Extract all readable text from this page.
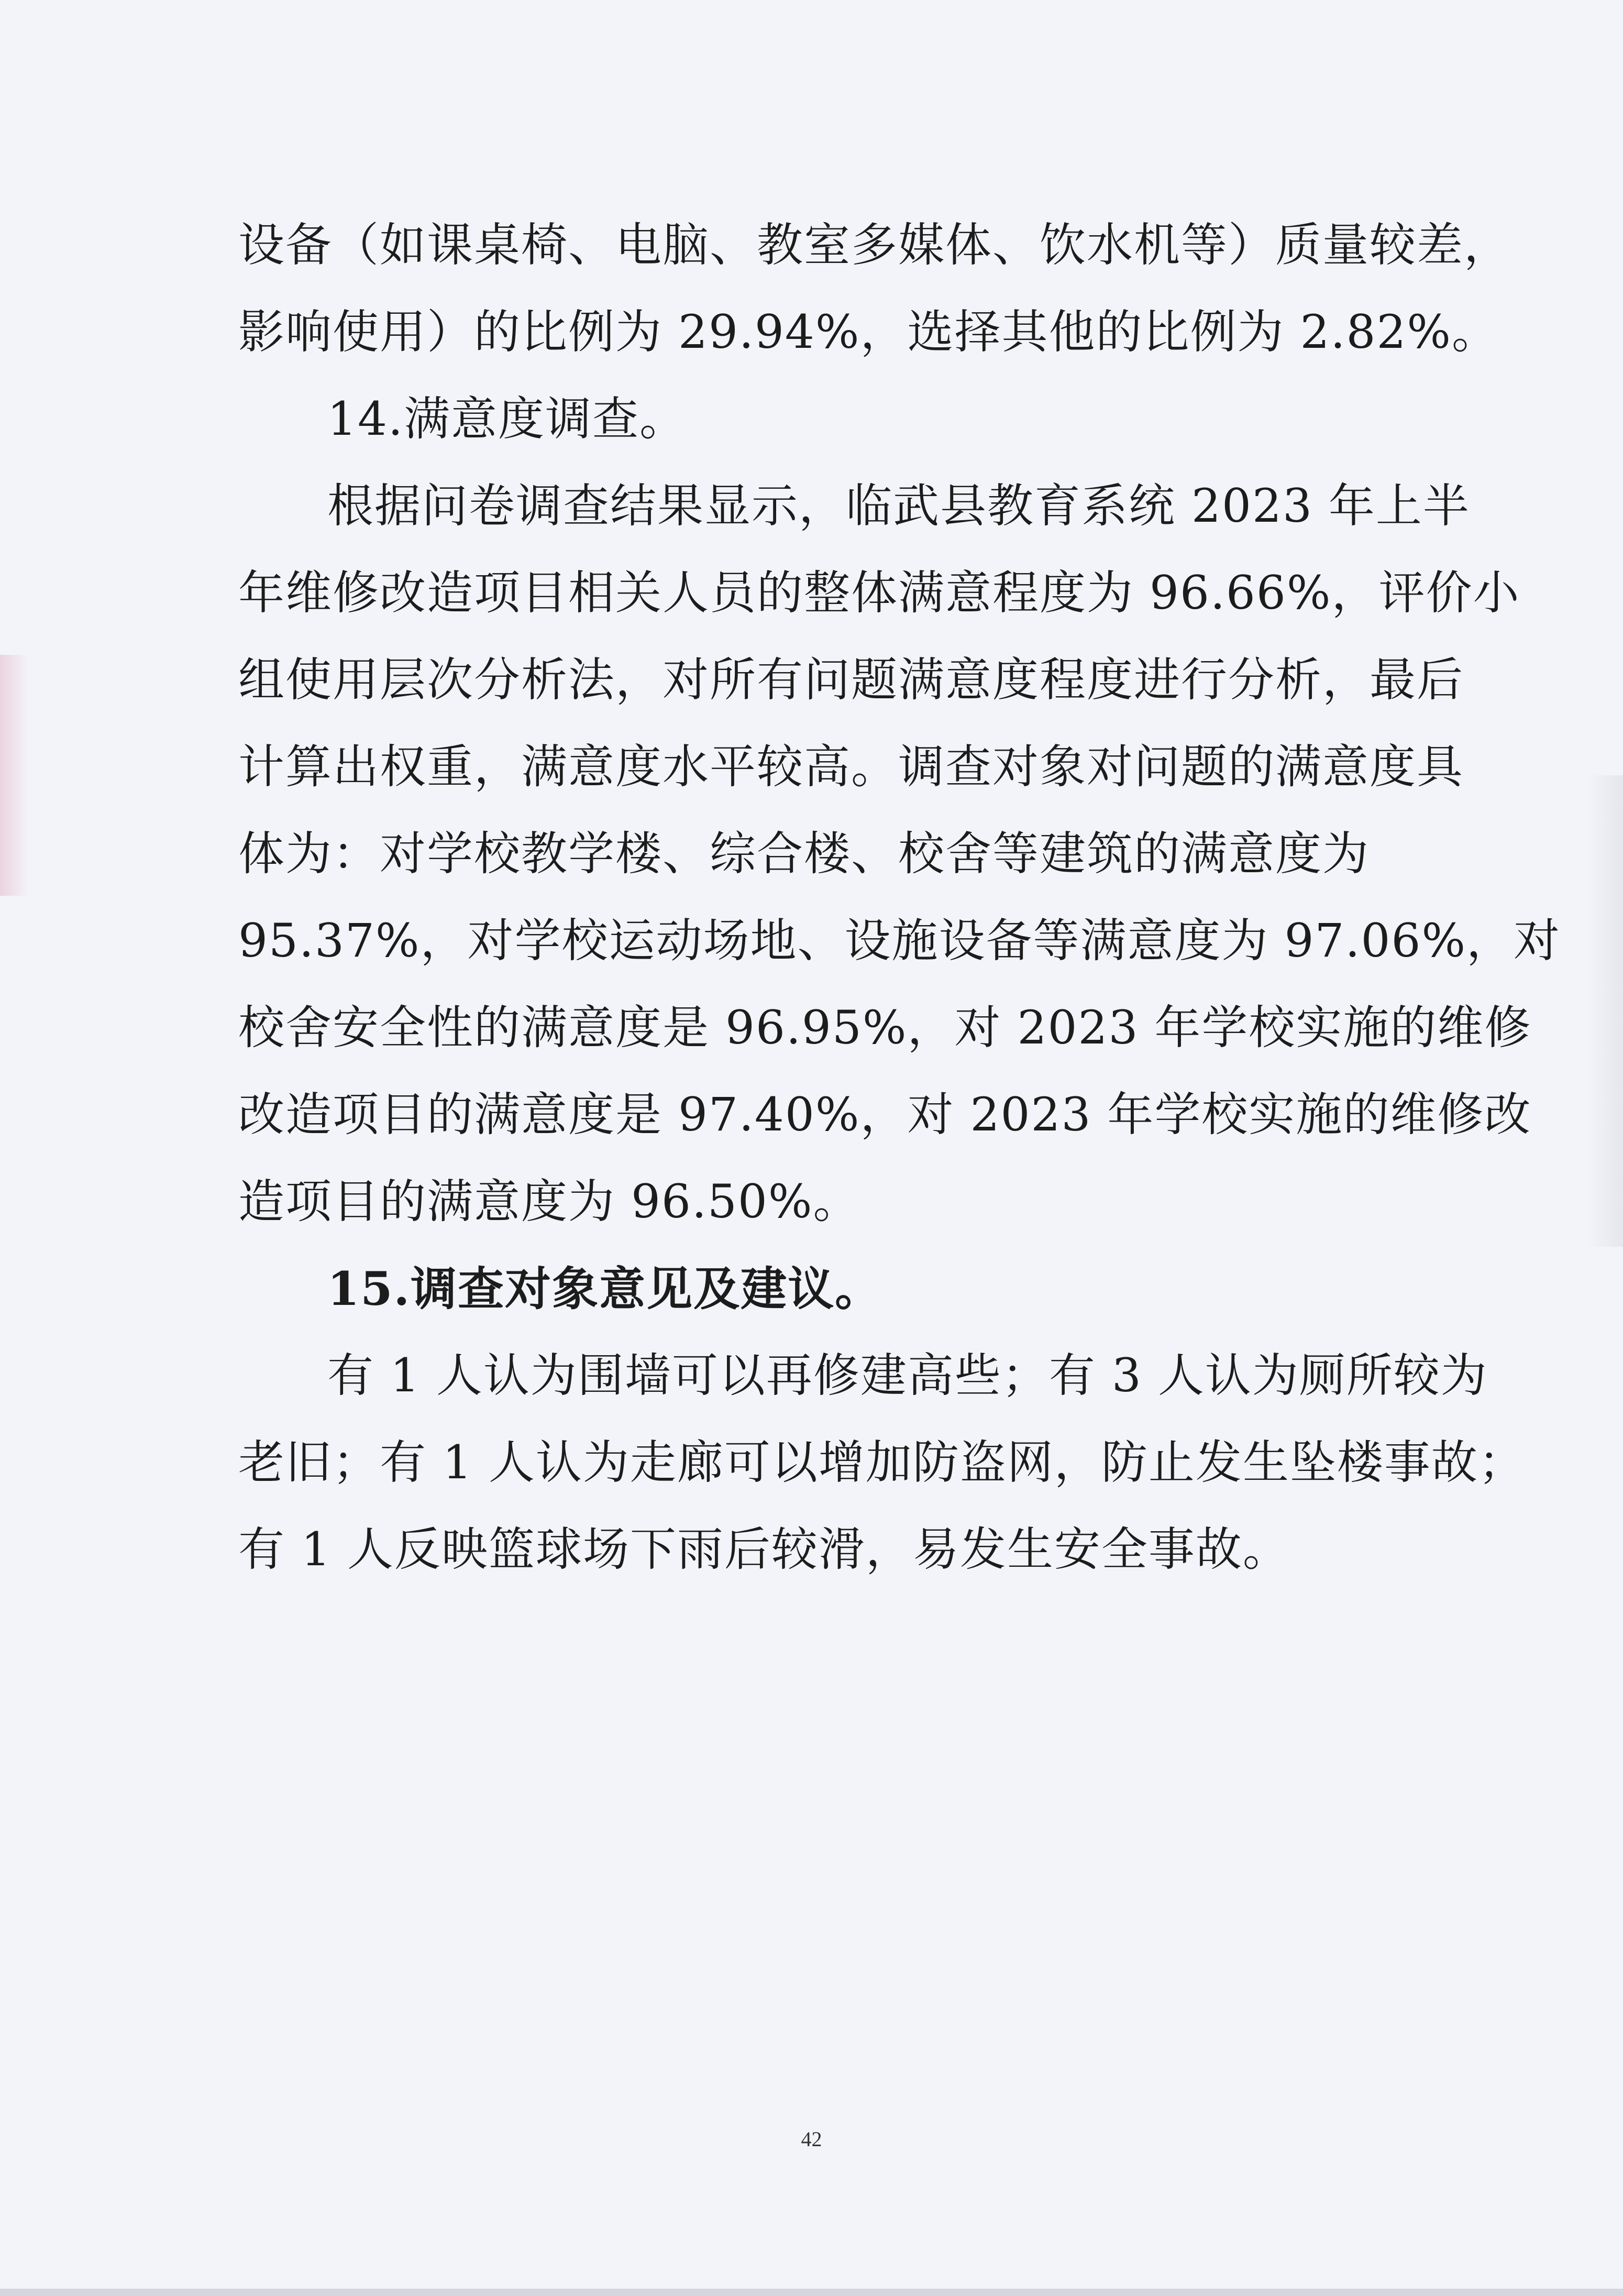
设备（如课桌椅、电脑、教室多媒体、饮水机等）质量较差，
影响使用）的比例为 29.94%，选择其他的比例为 2.82%。
14.满意度调查。
根据问卷调查结果显示，临武县教育系统 2023 年上半
年维修改造项目相关人员的整体满意程度为 96.66%，评价小
组使用层次分析法，对所有问题满意度程度进行分析，最后
计算出权重，满意度水平较高。调查对象对问题的满意度具
体为：对学校教学楼、综合楼、校舍等建筑的满意度为
95.37%，对学校运动场地、设施设备等满意度为 97.06%，对
校舍安全性的满意度是 96.95%，对 2023 年学校实施的维修
改造项目的满意度是 97.40%，对 2023 年学校实施的维修改
造项目的满意度为 96.50%。
15.调查对象意见及建议。
有 1 人认为围墙可以再修建高些；有 3 人认为厕所较为
老旧；有 1 人认为走廊可以增加防盗网，防止发生坠楼事故；
有 1 人反映篮球场下雨后较滑，易发生安全事故。
42
